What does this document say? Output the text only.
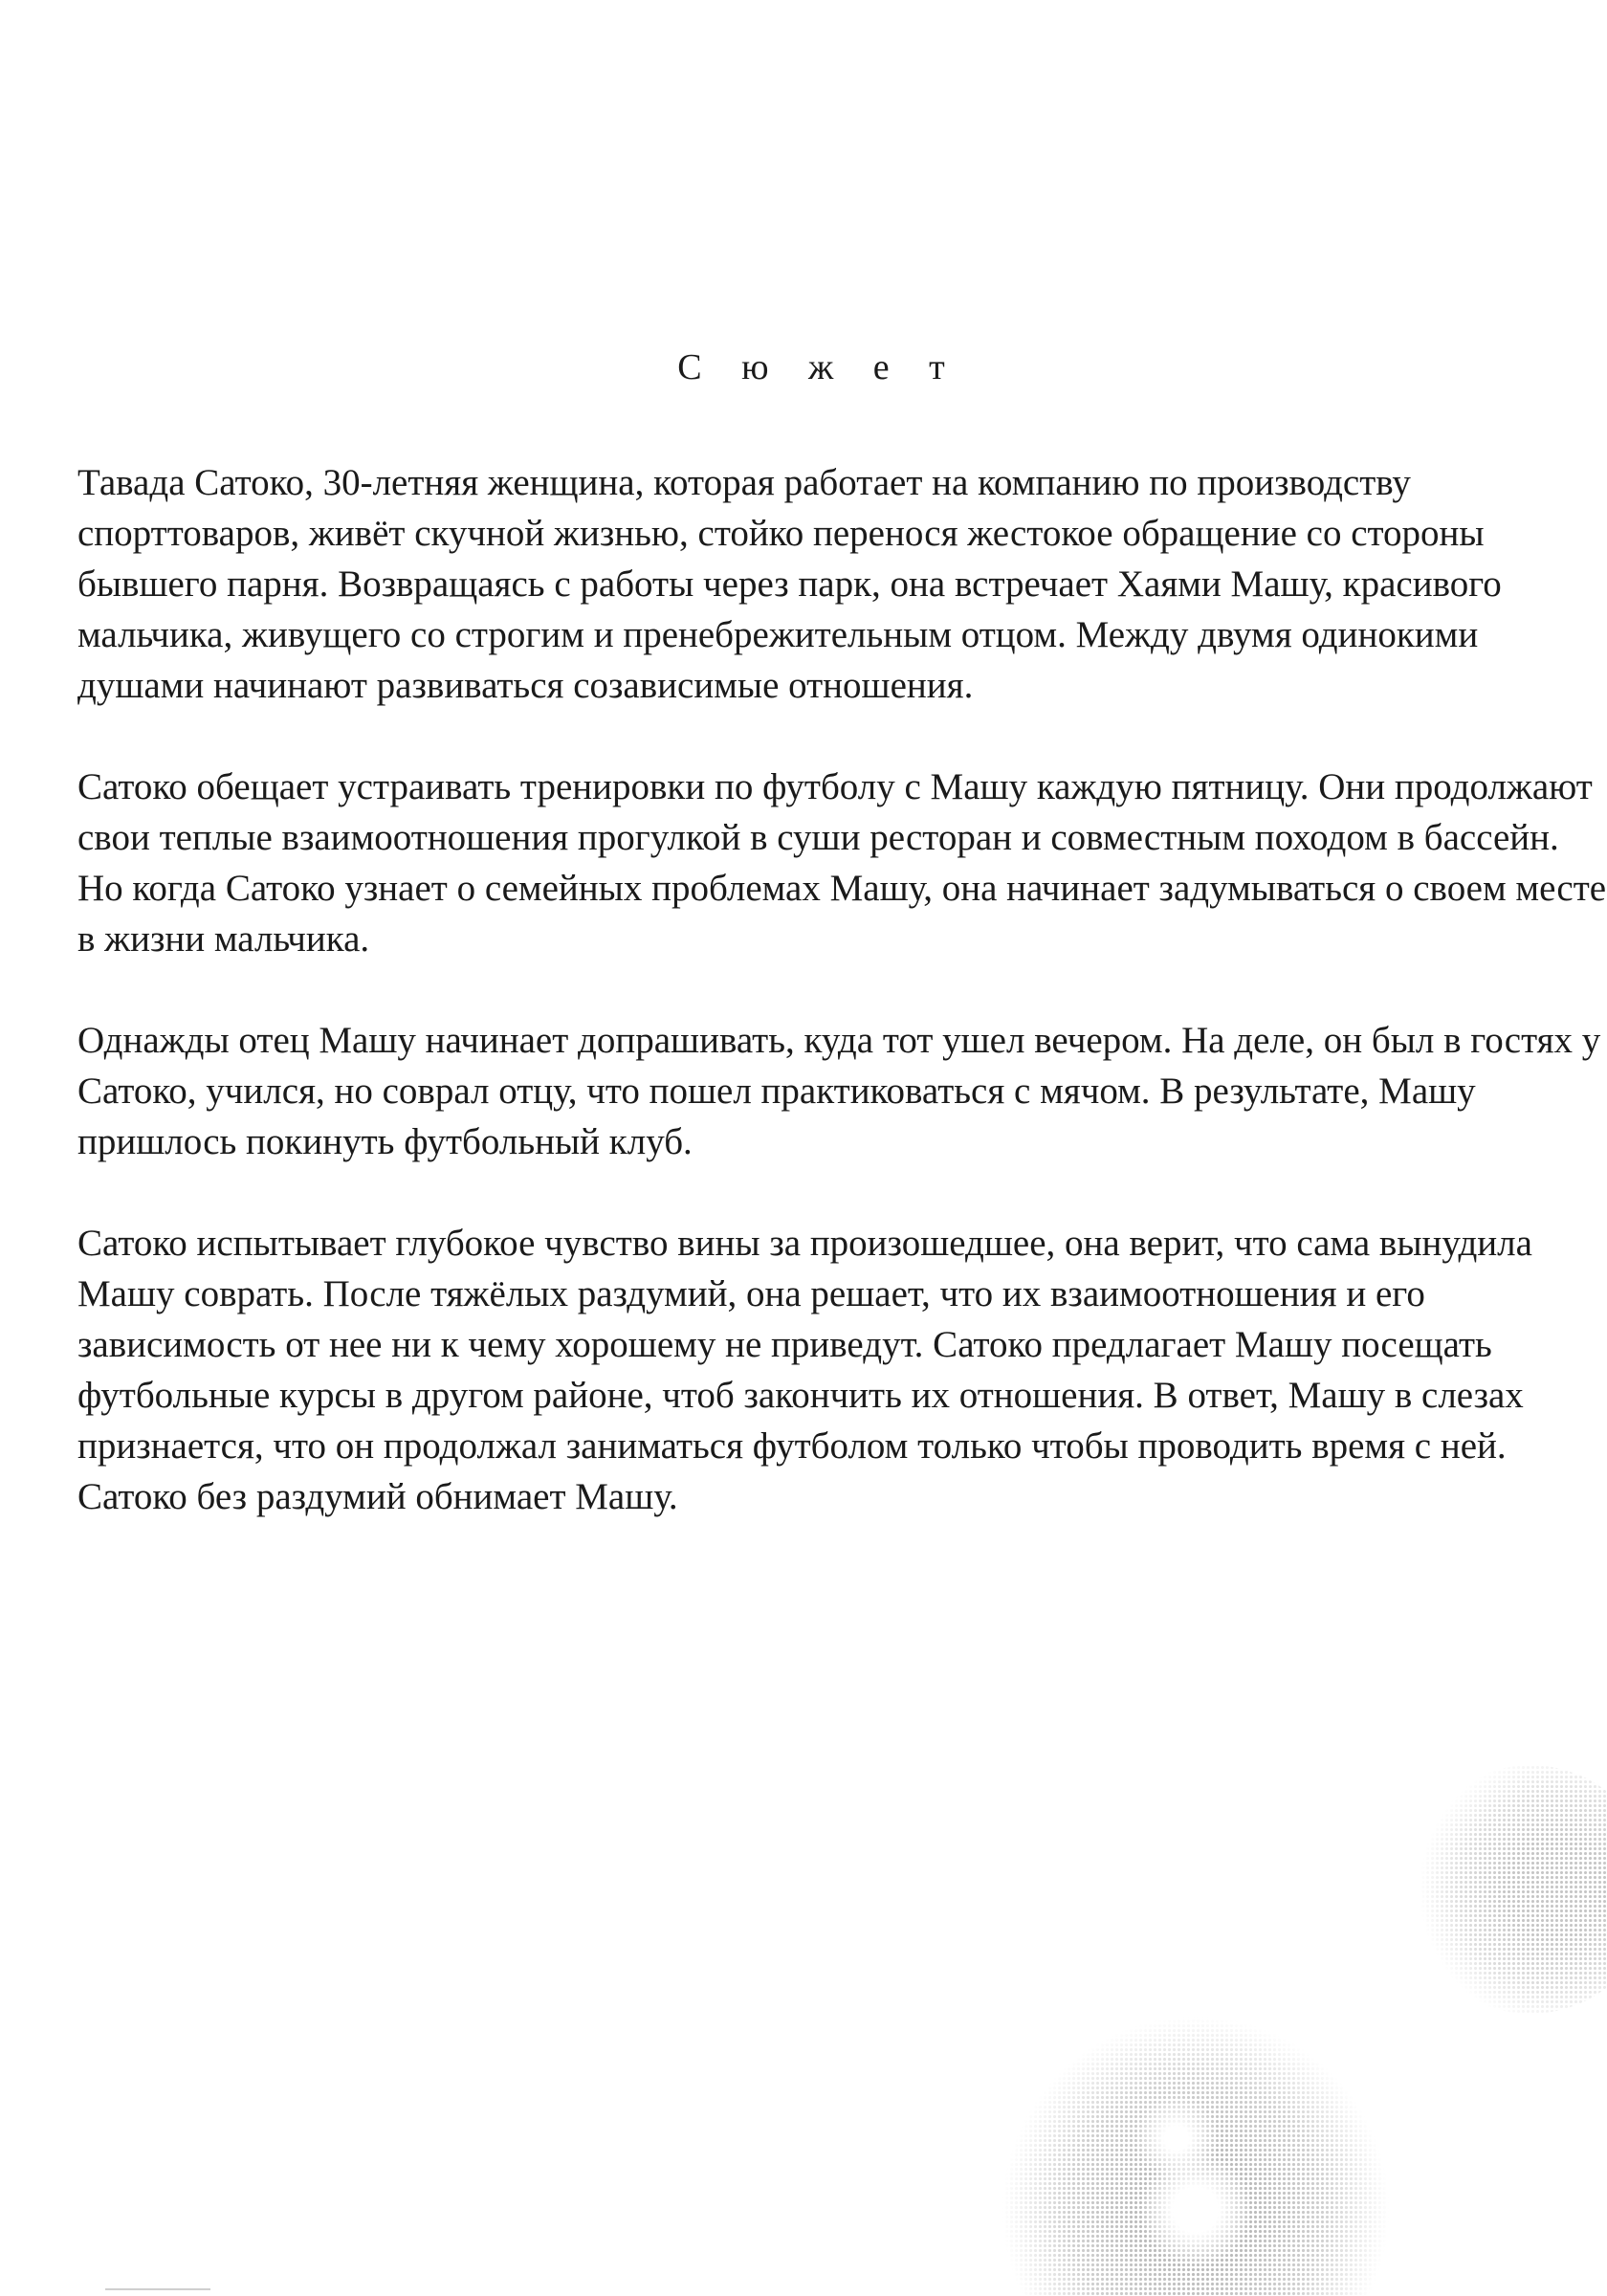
С ю ж е т

Тавада Сатоко, 30-летняя женщина, которая работает на компанию по производству
спорттоваров, живёт скучной жизнью, стойко перенося жестокое обращение со стороны
бывшего парня. Возвращаясь с работы через парк, она встречает Хаями Машу, красивого
мальчика, живущего со строгим и пренебрежительным отцом. Между двумя одинокими
душами начинают развиваться созависимые отношения.

Сатоко обещает устраивать тренировки по футболу с Машу каждую пятницу. Они продолжают
свои теплые взаимоотношения прогулкой в суши ресторан и совместным походом в бассейн.
Но когда Сатоко узнает о семейных проблемах Машу, она начинает задумываться о своем месте
в жизни мальчика.

Однажды отец Машу начинает допрашивать, куда тот ушел вечером. На деле, он был в гостях у
Сатоко, учился, но соврал отцу, что пошел практиковаться с мячом. В результате, Машу
пришлось покинуть футбольный клуб.

Сатоко испытывает глубокое чувство вины за произошедшее, она верит, что сама вынудила
Машу соврать. После тяжёлых раздумий, она решает, что их взаимоотношения и его
зависимость от нее ни к чему хорошему не приведут. Сатоко предлагает Машу посещать
футбольные курсы в другом районе, чтоб закончить их отношения. В ответ, Машу в слезах
признается, что он продолжал заниматься футболом только чтобы проводить время с ней.
Сатоко без раздумий обнимает Машу.
